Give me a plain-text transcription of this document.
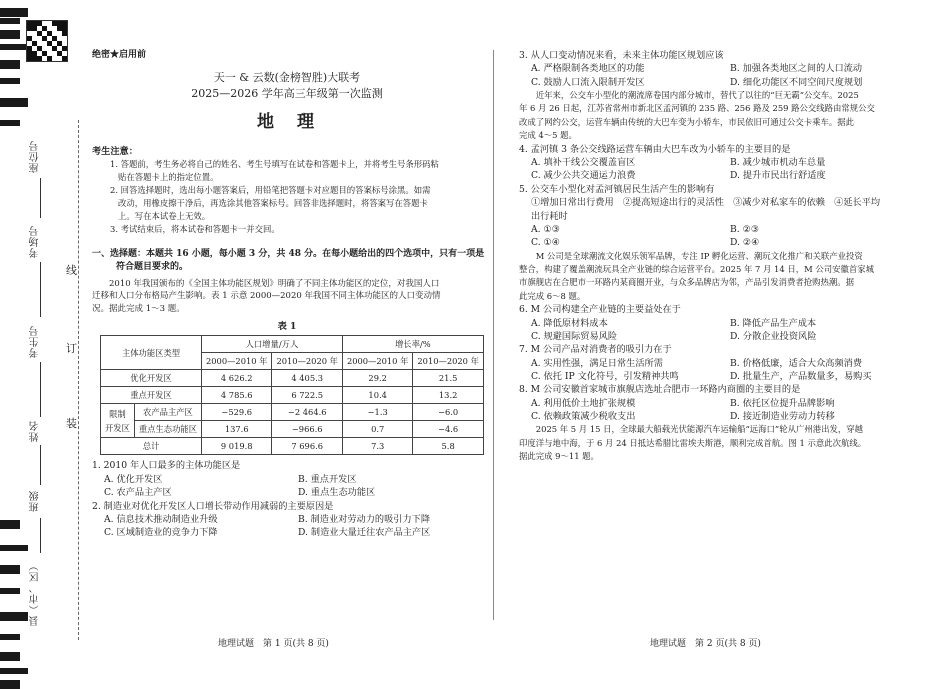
座位号
考场号
考生号
姓名
班级
县（市、区）
线
订
装

绝密★启用前

天一 & 云数(金榜智胜)大联考

2025—2026 学年高三年级第一次监测

地　理

考生注意：

1. 答题前，考生务必将自己的姓名、考生号填写在试卷和答题卡上，并将考生号条形码粘

贴在答题卡上的指定位置。

2. 回答选择题时，选出每小题答案后，用铅笔把答题卡对应题目的答案标号涂黑。如需

改动，用橡皮擦干净后，再选涂其他答案标号。回答非选择题时，将答案写在答题卡

上。写在本试卷上无效。

3. 考试结束后，将本试卷和答题卡一并交回。

一、选择题：本题共 16 小题，每小题 3 分，共 48 分。在每小题给出的四个选项中，只有一项是

符合题目要求的。

2010 年我国颁布的《全国主体功能区规划》明确了不同主体功能区的定位，对我国人口

迁移和人口分布格局产生影响。表 1 示意 2000—2020 年我国不同主体功能区的人口变动情

况。据此完成 1～3 题。

表 1

主体功能区类型		人口增量/万人		增长率/%	
		2000—2010 年	2010—2020 年	2000—2010 年	2010—2020 年
优化开发区		4 626.2	4 405.3	29.2	21.5
重点开发区		4 785.6	6 722.5	10.4	13.2
限制
开发区	农产品主产区	−529.6	−2 464.6	−1.3	−6.0
	重点生态功能区	137.6	−966.6	0.7	−4.6
总计		9 019.8	7 696.6	7.3	5.8

1. 2010 年人口最多的主体功能区是

A. 优化开发区	B. 重点开发区
C. 农产品主产区	D. 重点生态功能区

2. 制造业对优化开发区人口增长带动作用减弱的主要原因是

A. 信息技术推动制造业升级	B. 制造业对劳动力的吸引力下降
C. 区域制造业的竞争力下降	D. 制造业大量迁往农产品主产区
地理试题　第 1 页(共 8 页)

3. 从人口变动情况来看，未来主体功能区规划应该

A. 严格限制各类地区的功能	B. 加强各类地区之间的人口流动
C. 鼓励人口流入限制开发区	D. 细化功能区不同空间尺度规划

近年来，公交车小型化的潮流席卷国内部分城市，替代了以往的“巨无霸”公交车。2025

年 6 月 26 日起，江苏省常州市新北区孟河镇的 235 路、256 路及 259 路公交线路由常规公交

改成了网约公交，运营车辆由传统的大巴车变为小轿车，市民依旧可通过公交卡乘车。据此

完成 4～5 题。

4. 孟河镇 3 条公交线路运营车辆由大巴车改为小轿车的主要目的是

A. 填补干线公交覆盖盲区	B. 减少城市机动车总量
C. 减少公共交通运力浪费	D. 提升市民出行舒适度

5. 公交车小型化对孟河镇居民生活产生的影响有

①增加日常出行费用　②提高短途出行的灵活性　③减少对私家车的依赖　④延长平均

出行耗时

A. ①③	B. ②③
C. ①④	D. ②④

M 公司是全球潮流文化娱乐领军品牌，专注 IP 孵化运营、潮玩文化推广和关联产业投资

整合，构建了覆盖潮流玩具全产业链的综合运营平台。2025 年 7 月 14 日，M 公司安徽首家城

市旗舰店在合肥市一环路内某商圈开业，与众多品牌店为邻，产品引发消费者抢购热潮。据

此完成 6～8 题。

6. M 公司构建全产业链的主要益处在于

A. 降低原材料成本	B. 降低产品生产成本
C. 规避国际贸易风险	D. 分散企业投资风险

7. M 公司产品对消费者的吸引力在于

A. 实用性强，满足日常生活所需	B. 价格低廉，适合大众高频消费
C. 依托 IP 文化符号，引发精神共鸣	D. 批量生产，产品数量多，易购买

8. M 公司安徽首家城市旗舰店选址合肥市一环路内商圈的主要目的是

A. 利用低价土地扩张规模	B. 依托区位提升品牌影响
C. 依赖政策减少税收支出	D. 接近制造业劳动力转移

2025 年 5 月 15 日，全球最大船载光伏能源汽车运输船“远海口”轮从广州港出发，穿越

印度洋与地中海，于 6 月 24 日抵达希腊比雷埃夫斯港，顺利完成首航。图 1 示意此次航线。

据此完成 9～11 题。

地理试题　第 2 页(共 8 页)
